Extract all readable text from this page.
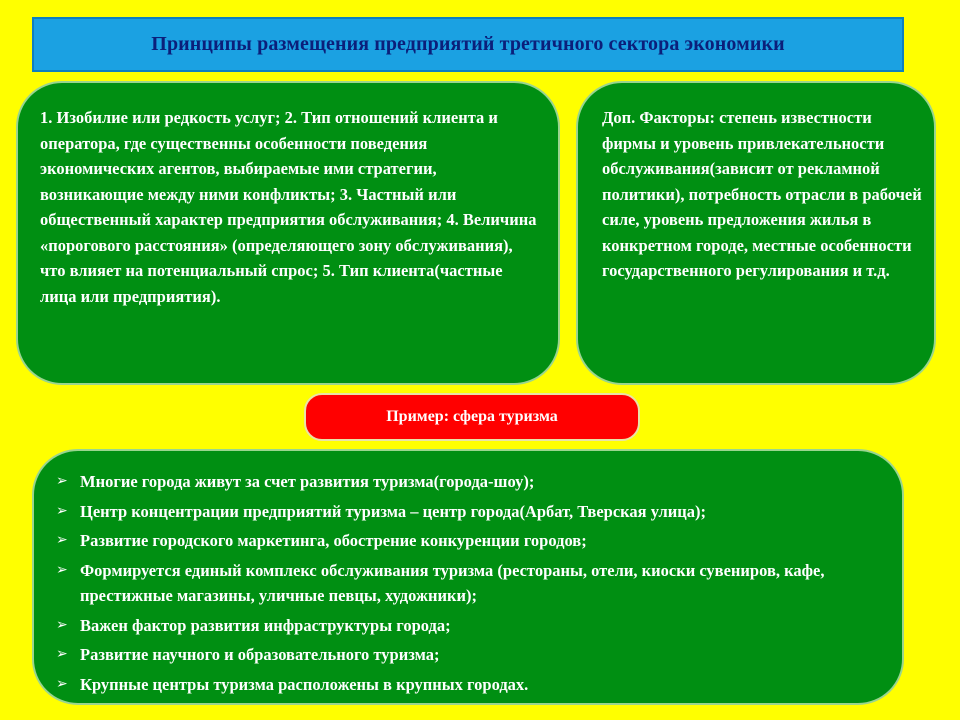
Принципы размещения предприятий третичного сектора экономики
1. Изобилие или редкость услуг; 2. Тип отношений клиента и оператора, где существенны особенности поведения экономических агентов, выбираемые ими стратегии, возникающие между ними конфликты; 3. Частный или общественный характер предприятия обслуживания; 4. Величина «порогового расстояния» (определяющего зону обслуживания), что влияет на потенциальный спрос; 5. Тип клиента(частные лица или предприятия).
Доп. Факторы: степень известности фирмы и уровень привлекательности обслуживания(зависит от рекламной политики), потребность отрасли в рабочей силе, уровень предложения жилья в конкретном городе, местные особенности государственного регулирования и т.д.
Пример: сфера туризма
➢ Многие города живут за счет развития туризма(города-шоу);
➢ Центр концентрации предприятий туризма – центр города(Арбат, Тверская улица);
➢ Развитие городского маркетинга, обострение конкуренции городов;
➢ Формируется единый комплекс обслуживания туризма (рестораны, отели, киоски сувениров, кафе, престижные магазины, уличные певцы, художники);
➢ Важен фактор развития инфраструктуры города;
➢ Развитие научного и образовательного туризма;
➢ Крупные центры туризма расположены в крупных городах.
